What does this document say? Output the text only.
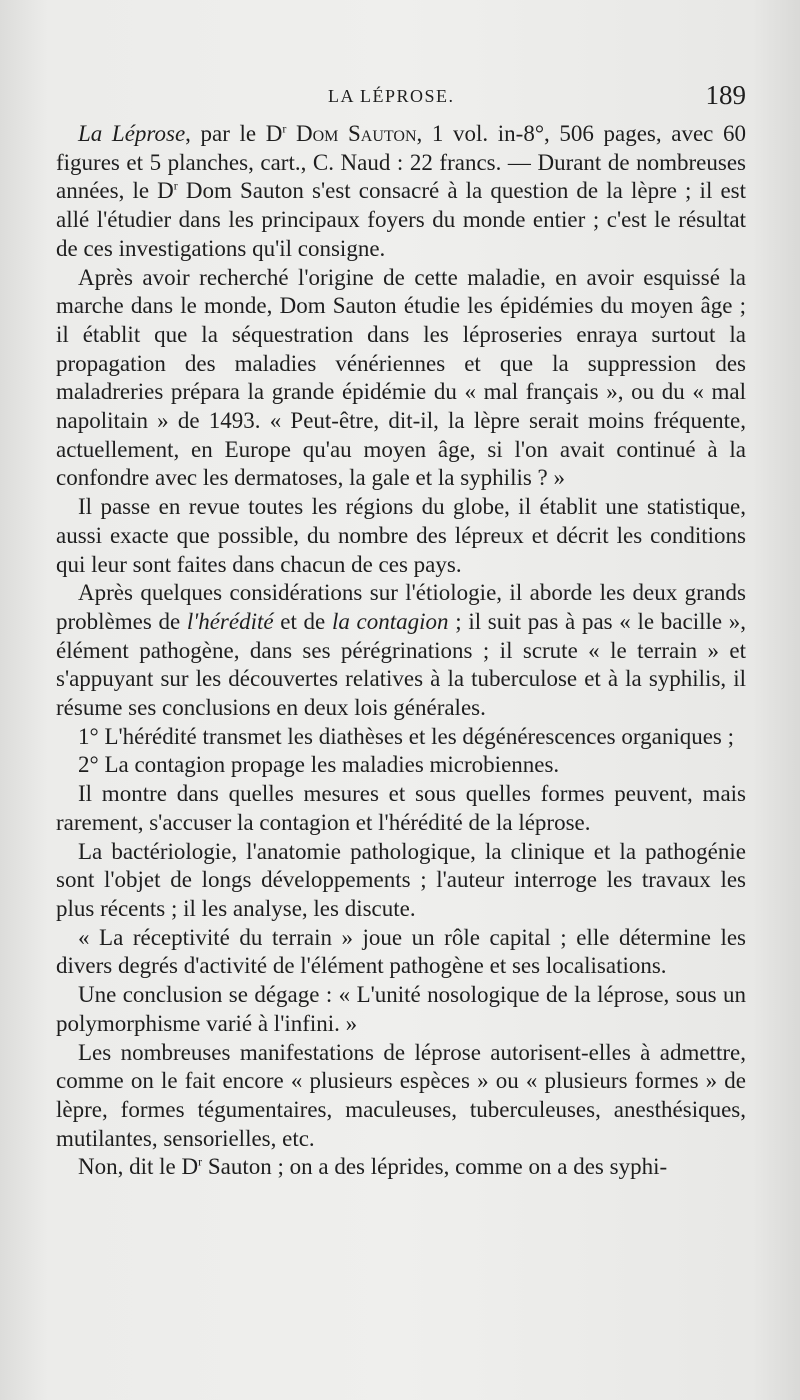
LA LÉPROSE.	189

La Léprose, par le $D^r$ Dom Sauton, 1 vol. in-8°, 506 pages, avec 60 figures et 5 planches, cart., C. Naud : 22 francs. — Durant de nombreuses années, le $D^r$ Dom Sauton s'est consacré à la question de la lèpre ; il est allé l'étudier dans les principaux foyers du monde entier ; c'est le résultat de ces investigations qu'il consigne.

Après avoir recherché l'origine de cette maladie, en avoir esquissé la marche dans le monde, Dom Sauton étudie les épidémies du moyen âge ; il établit que la séquestration dans les léproseries enraya surtout la propagation des maladies vénériennes et que la suppression des maladreries prépara la grande épidémie du « mal français », ou du « mal napolitain » de 1493. « Peut-être, dit-il, la lèpre serait moins fréquente, actuellement, en Europe qu'au moyen âge, si l'on avait continué à la confondre avec les dermatoses, la gale et la syphilis ? »

Il passe en revue toutes les régions du globe, il établit une statistique, aussi exacte que possible, du nombre des lépreux et décrit les conditions qui leur sont faites dans chacun de ces pays.

Après quelques considérations sur l'étiologie, il aborde les deux grands problèmes de l'hérédité et de la contagion ; il suit pas à pas « le bacille », élément pathogène, dans ses pérégrinations ; il scrute « le terrain » et s'appuyant sur les découvertes relatives à la tuberculose et à la syphilis, il résume ses conclusions en deux lois générales.

1° L'hérédité transmet les diathèses et les dégénérescences organiques ;

2° La contagion propage les maladies microbiennes.

Il montre dans quelles mesures et sous quelles formes peuvent, mais rarement, s'accuser la contagion et l'hérédité de la léprose.

La bactériologie, l'anatomie pathologique, la clinique et la pathogénie sont l'objet de longs développements ; l'auteur interroge les travaux les plus récents ; il les analyse, les discute.

« La réceptivité du terrain » joue un rôle capital ; elle détermine les divers degrés d'activité de l'élément pathogène et ses localisations.

Une conclusion se dégage : « L'unité nosologique de la léprose, sous un polymorphisme varié à l'infini. »

Les nombreuses manifestations de léprose autorisent-elles à admettre, comme on le fait encore « plusieurs espèces » ou « plusieurs formes » de lèpre, formes tégumentaires, maculeuses, tuberculeuses, anesthésiques, mutilantes, sensorielles, etc.

Non, dit le $D^r$ Sauton ; on a des léprides, comme on a des syphi-
